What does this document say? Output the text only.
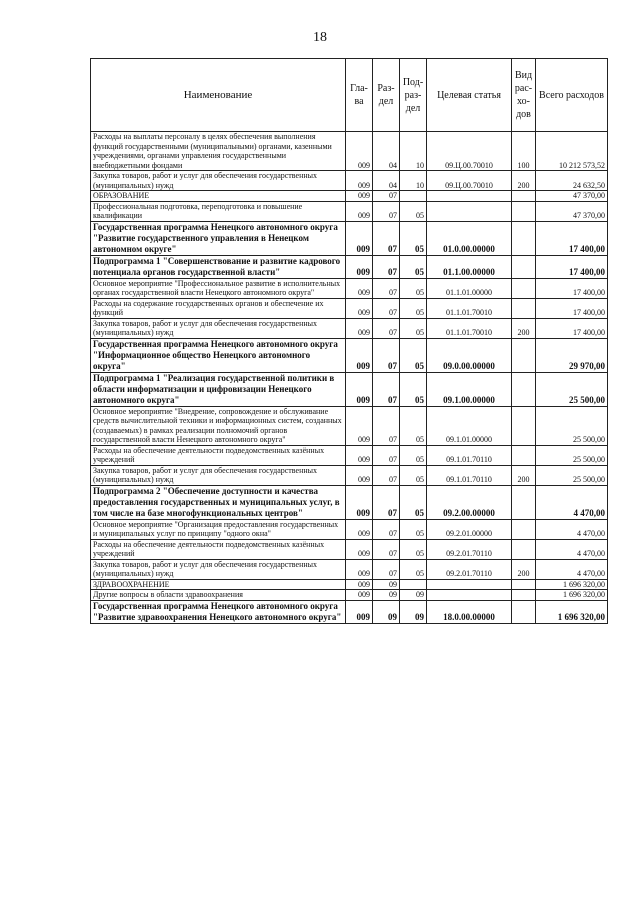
18
Наименование	Гла-ва	Раз-дел	Под-раз-дел	Целевая статья	Вид рас-хо-дов	Всего расходов
Расходы на выплаты персоналу в целях обеспечения выполнения функций государственными (муниципальными) органами, казенными учреждениями, органами управления государственными внебюджетными фондами	009	04	10	09.Ц.00.70010	100	10 212 573,52
Закупка товаров, работ и услуг для обеспечения государственных (муниципальных) нужд	009	04	10	09.Ц.00.70010	200	24 632,50
ОБРАЗОВАНИЕ	009	07				47 370,00
Профессиональная подготовка, переподготовка и повышение квалификации	009	07	05			47 370,00
Государственная программа Ненецкого автономного округа "Развитие государственного управления в Ненецком автономном округе"	009	07	05	01.0.00.00000		17 400,00
Подпрограмма 1 "Совершенствование и развитие кадрового потенциала органов государственной власти"	009	07	05	01.1.00.00000		17 400,00
Основное мероприятие "Профессиональное развитие в исполнительных органах государственной власти Ненецкого автономного округа"	009	07	05	01.1.01.00000		17 400,00
Расходы на содержание государственных органов и обеспечение их функций	009	07	05	01.1.01.70010		17 400,00
Закупка товаров, работ и услуг для обеспечения государственных (муниципальных) нужд	009	07	05	01.1.01.70010	200	17 400,00
Государственная программа Ненецкого автономного округа "Информационное общество Ненецкого автономного округа"	009	07	05	09.0.00.00000		29 970,00
Подпрограмма 1 "Реализация государственной политики в области информатизации и цифровизации Ненецкого автономного округа"	009	07	05	09.1.00.00000		25 500,00
Основное мероприятие "Внедрение, сопровождение и обслуживание средств вычислительной техники и информационных систем, созданных (создаваемых) в рамках реализации полномочий органов государственной власти Ненецкого автономного округа"	009	07	05	09.1.01.00000		25 500,00
Расходы на обеспечение деятельности подведомственных казённых учреждений	009	07	05	09.1.01.70110		25 500,00
Закупка товаров, работ и услуг для обеспечения государственных (муниципальных) нужд	009	07	05	09.1.01.70110	200	25 500,00
Подпрограмма 2 "Обеспечение доступности и качества предоставления государственных и муниципальных услуг, в том числе на базе многофункциональных центров"	009	07	05	09.2.00.00000		4 470,00
Основное мероприятие "Организация предоставления государственных и муниципальных услуг по принципу "одного окна"	009	07	05	09.2.01.00000		4 470,00
Расходы на обеспечение деятельности подведомственных казённых учреждений	009	07	05	09.2.01.70110		4 470,00
Закупка товаров, работ и услуг для обеспечения государственных (муниципальных) нужд	009	07	05	09.2.01.70110	200	4 470,00
ЗДРАВООХРАНЕНИЕ	009	09				1 696 320,00
Другие вопросы в области здравоохранения	009	09	09			1 696 320,00
Государственная программа Ненецкого автономного округа "Развитие здравоохранения Ненецкого автономного округа"	009	09	09	18.0.00.00000		1 696 320,00
